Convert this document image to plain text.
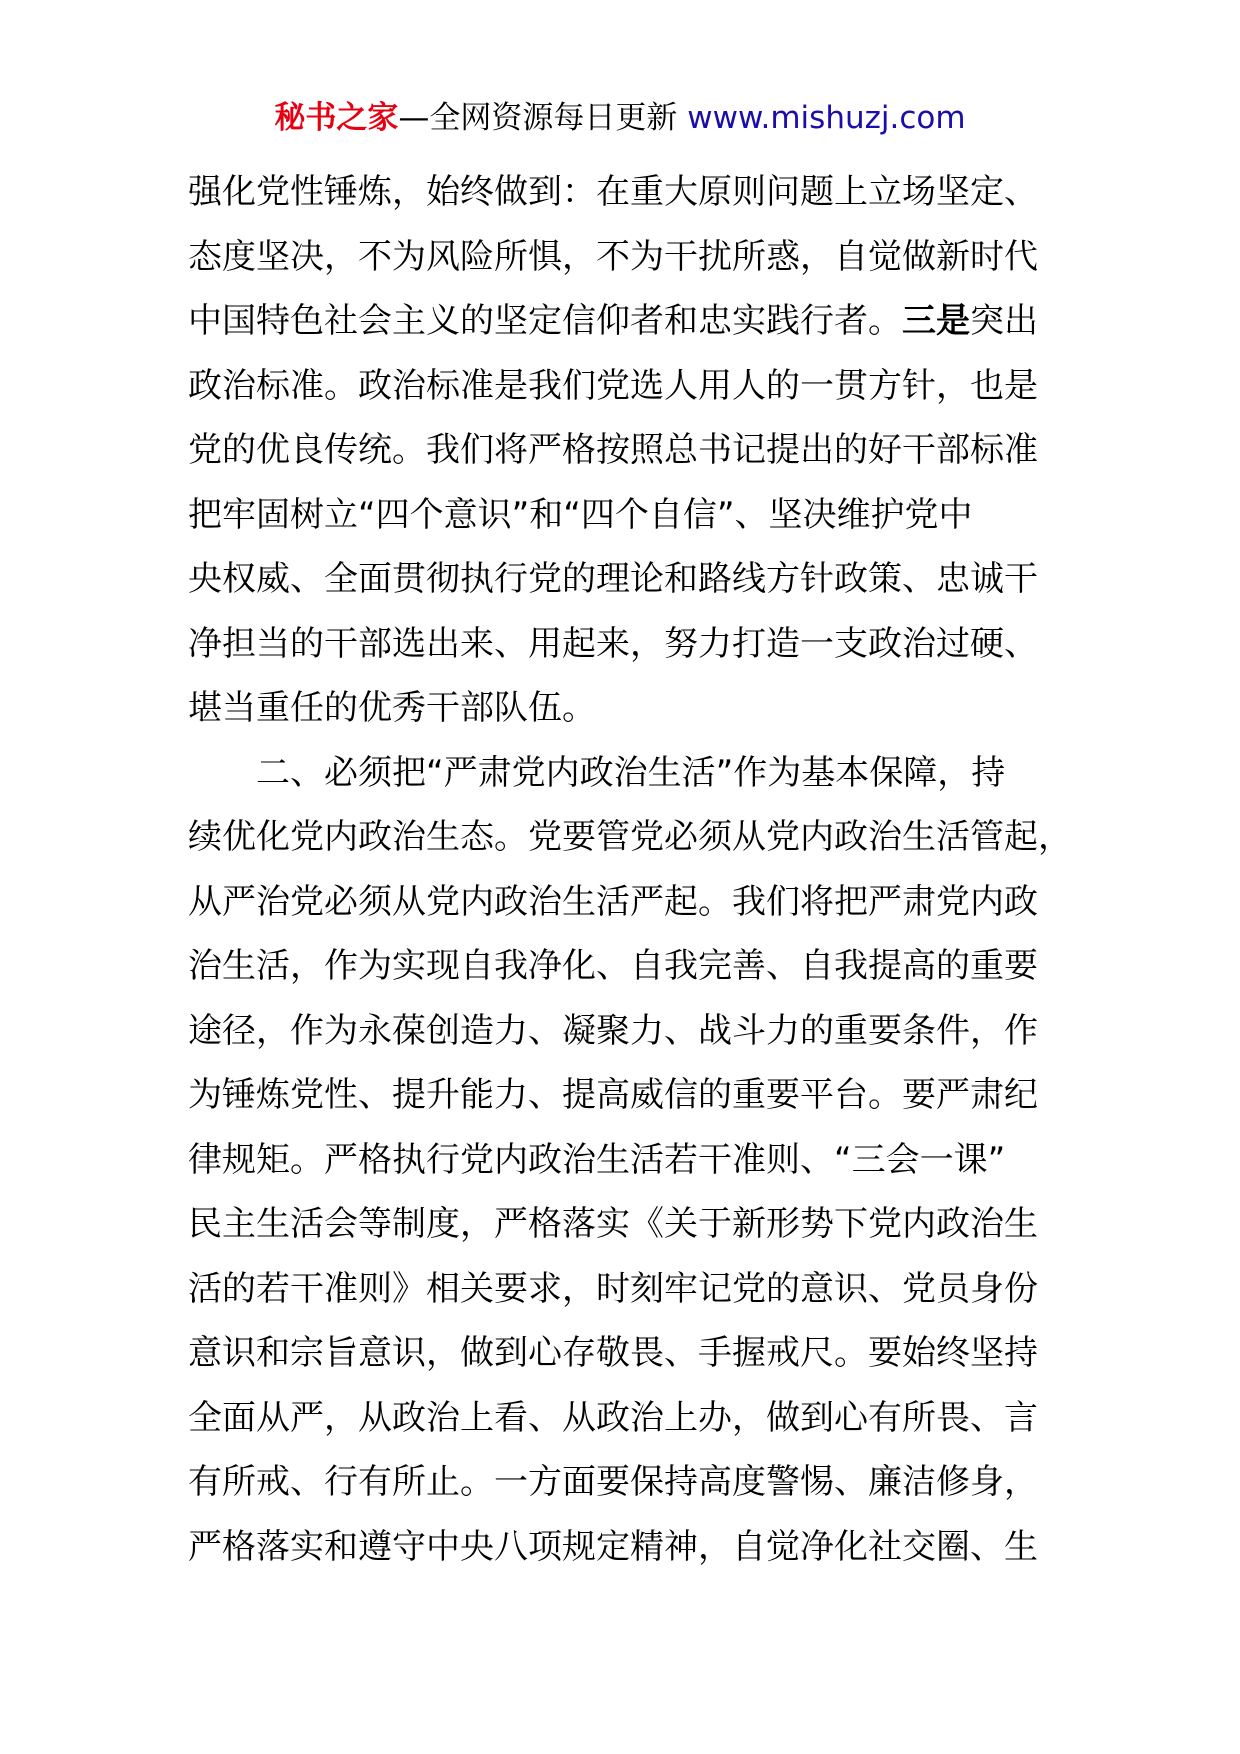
秘书之家—全网资源每日更新 www.mishuzj.com
强化党性锤炼，始终做到：在重大原则问题上立场坚定、
态度坚决，不为风险所惧，不为干扰所惑，自觉做新时代
中国特色社会主义的坚定信仰者和忠实践行者。三是突出
政治标准。政治标准是我们党选人用人的一贯方针，也是
党的优良传统。我们将严格按照总书记提出的好干部标准
把牢固树立“四个意识”和“四个自信”、坚决维护党中
央权威、全面贯彻执行党的理论和路线方针政策、忠诚干
净担当的干部选出来、用起来，努力打造一支政治过硬、
堪当重任的优秀干部队伍。
二、必须把“严肃党内政治生活”作为基本保障，持
续优化党内政治生态。党要管党必须从党内政治生活管起，
从严治党必须从党内政治生活严起。我们将把严肃党内政
治生活，作为实现自我净化、自我完善、自我提高的重要
途径，作为永葆创造力、凝聚力、战斗力的重要条件，作
为锤炼党性、提升能力、提高威信的重要平台。要严肃纪
律规矩。严格执行党内政治生活若干准则、“三会一课”
民主生活会等制度，严格落实《关于新形势下党内政治生
活的若干准则》相关要求，时刻牢记党的意识、党员身份
意识和宗旨意识，做到心存敬畏、手握戒尺。要始终坚持
全面从严，从政治上看、从政治上办，做到心有所畏、言
有所戒、行有所止。一方面要保持高度警惕、廉洁修身，
严格落实和遵守中央八项规定精神，自觉净化社交圈、生
